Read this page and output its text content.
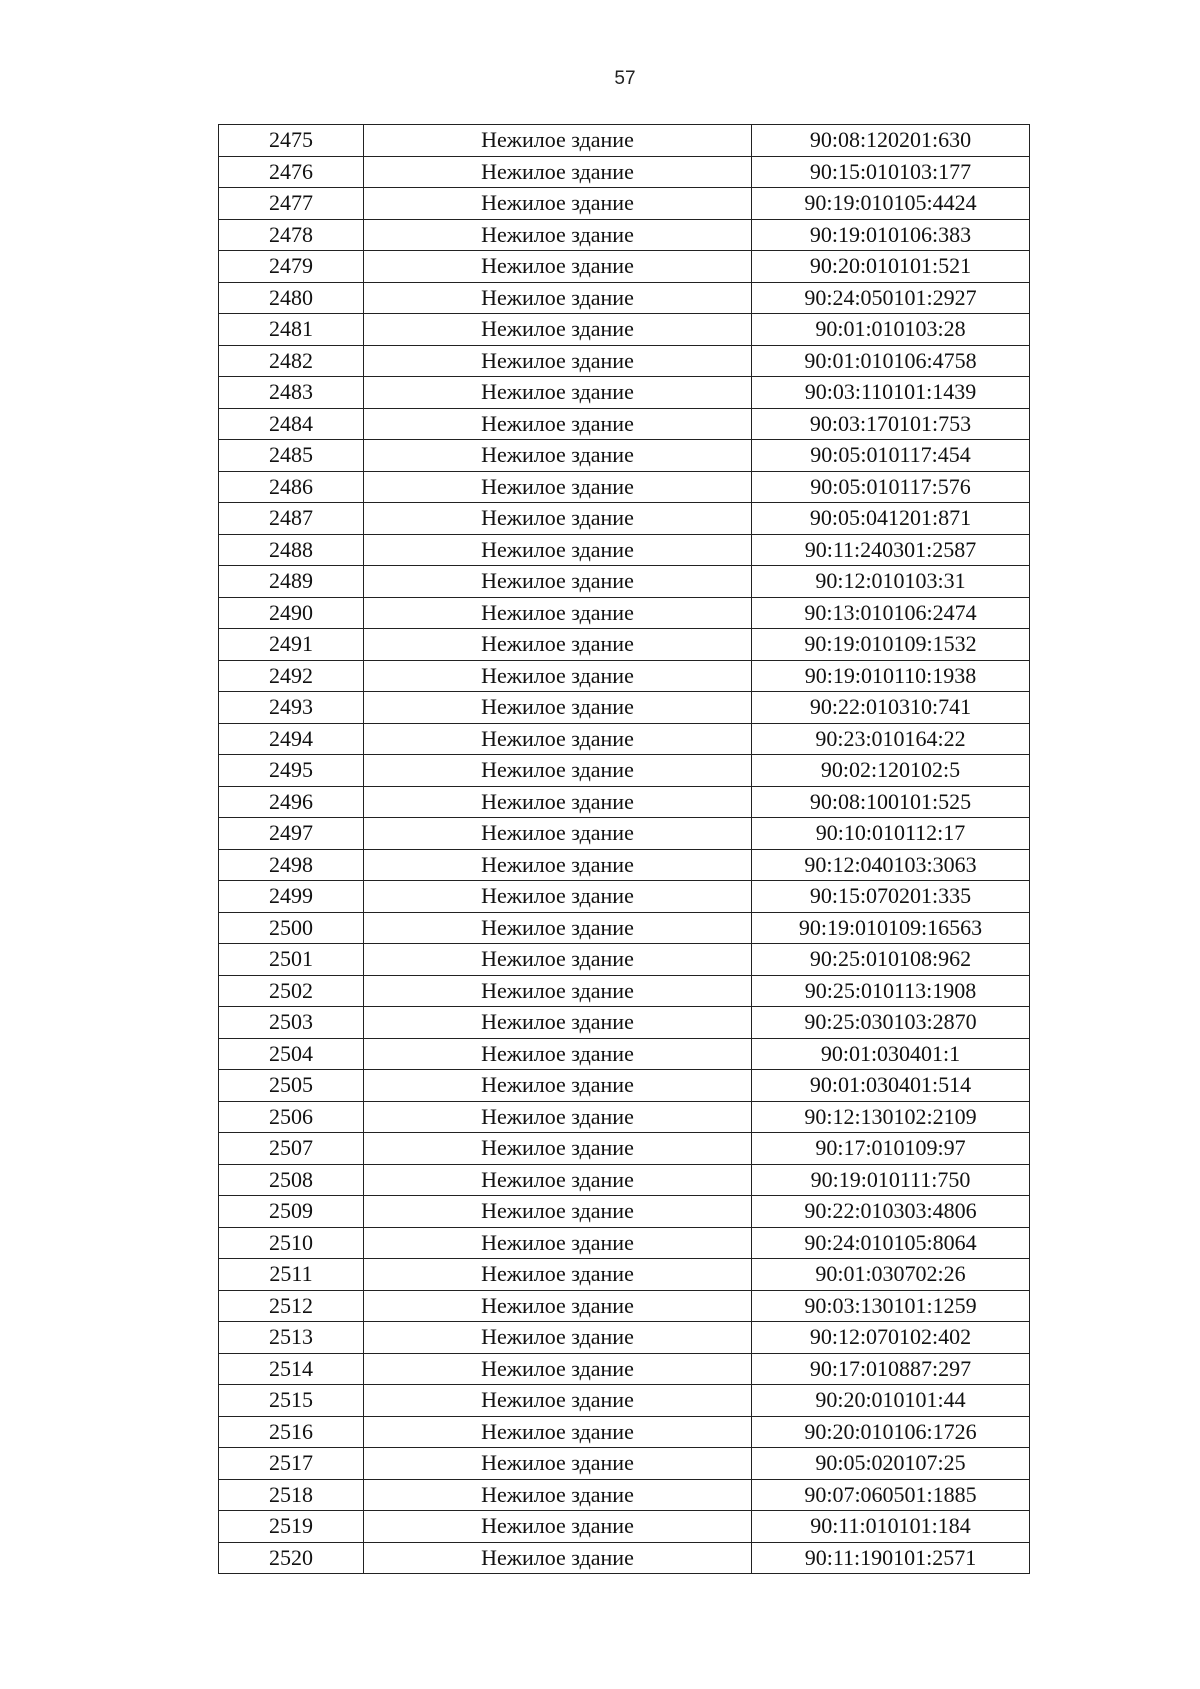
57
2475	Нежилое здание	90:08:120201:630
2476	Нежилое здание	90:15:010103:177
2477	Нежилое здание	90:19:010105:4424
2478	Нежилое здание	90:19:010106:383
2479	Нежилое здание	90:20:010101:521
2480	Нежилое здание	90:24:050101:2927
2481	Нежилое здание	90:01:010103:28
2482	Нежилое здание	90:01:010106:4758
2483	Нежилое здание	90:03:110101:1439
2484	Нежилое здание	90:03:170101:753
2485	Нежилое здание	90:05:010117:454
2486	Нежилое здание	90:05:010117:576
2487	Нежилое здание	90:05:041201:871
2488	Нежилое здание	90:11:240301:2587
2489	Нежилое здание	90:12:010103:31
2490	Нежилое здание	90:13:010106:2474
2491	Нежилое здание	90:19:010109:1532
2492	Нежилое здание	90:19:010110:1938
2493	Нежилое здание	90:22:010310:741
2494	Нежилое здание	90:23:010164:22
2495	Нежилое здание	90:02:120102:5
2496	Нежилое здание	90:08:100101:525
2497	Нежилое здание	90:10:010112:17
2498	Нежилое здание	90:12:040103:3063
2499	Нежилое здание	90:15:070201:335
2500	Нежилое здание	90:19:010109:16563
2501	Нежилое здание	90:25:010108:962
2502	Нежилое здание	90:25:010113:1908
2503	Нежилое здание	90:25:030103:2870
2504	Нежилое здание	90:01:030401:1
2505	Нежилое здание	90:01:030401:514
2506	Нежилое здание	90:12:130102:2109
2507	Нежилое здание	90:17:010109:97
2508	Нежилое здание	90:19:010111:750
2509	Нежилое здание	90:22:010303:4806
2510	Нежилое здание	90:24:010105:8064
2511	Нежилое здание	90:01:030702:26
2512	Нежилое здание	90:03:130101:1259
2513	Нежилое здание	90:12:070102:402
2514	Нежилое здание	90:17:010887:297
2515	Нежилое здание	90:20:010101:44
2516	Нежилое здание	90:20:010106:1726
2517	Нежилое здание	90:05:020107:25
2518	Нежилое здание	90:07:060501:1885
2519	Нежилое здание	90:11:010101:184
2520	Нежилое здание	90:11:190101:2571
